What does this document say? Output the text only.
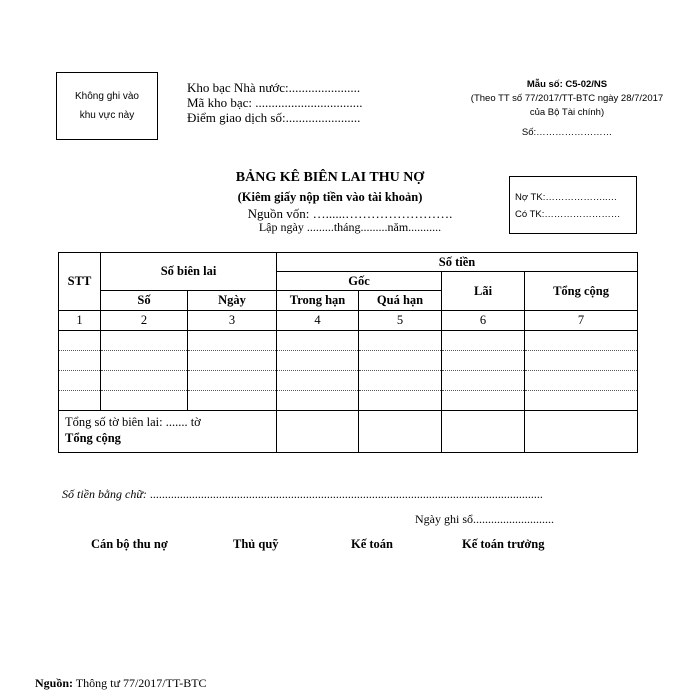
Không ghi vào
khu vực này
Kho bạc Nhà nước:......................
Mã kho bạc: .................................
Điểm giao dịch số:.......................
Mẫu số: C5-02/NS
(Theo TT số 77/2017/TT-BTC ngày 28/7/2017
của Bộ Tài chính)
Số:……………………
BẢNG KÊ BIÊN LAI THU NỢ
(Kiêm giấy nộp tiền vào tài khoản)
Nguồn vốn: …......…………………….
Lập ngày .........tháng.........năm...........
Nợ TK:………………..…
Có TK:……………………
STT	Số biên lai		Số tiền			
			Gốc		Lãi	Tổng cộng
	Số	Ngày	Trong hạn	Quá hạn		
1	2	3	4	5	6	7

Tổng số tờ biên lai: ....... tờ
Tổng cộng						

Số tiền bằng chữ: ...................................................................................................................................
Ngày ghi sổ...........................
Cán bộ thu nợ	Thủ quỹ	Kế toán	Kế toán trưởng
Nguồn: Thông tư 77/2017/TT-BTC
